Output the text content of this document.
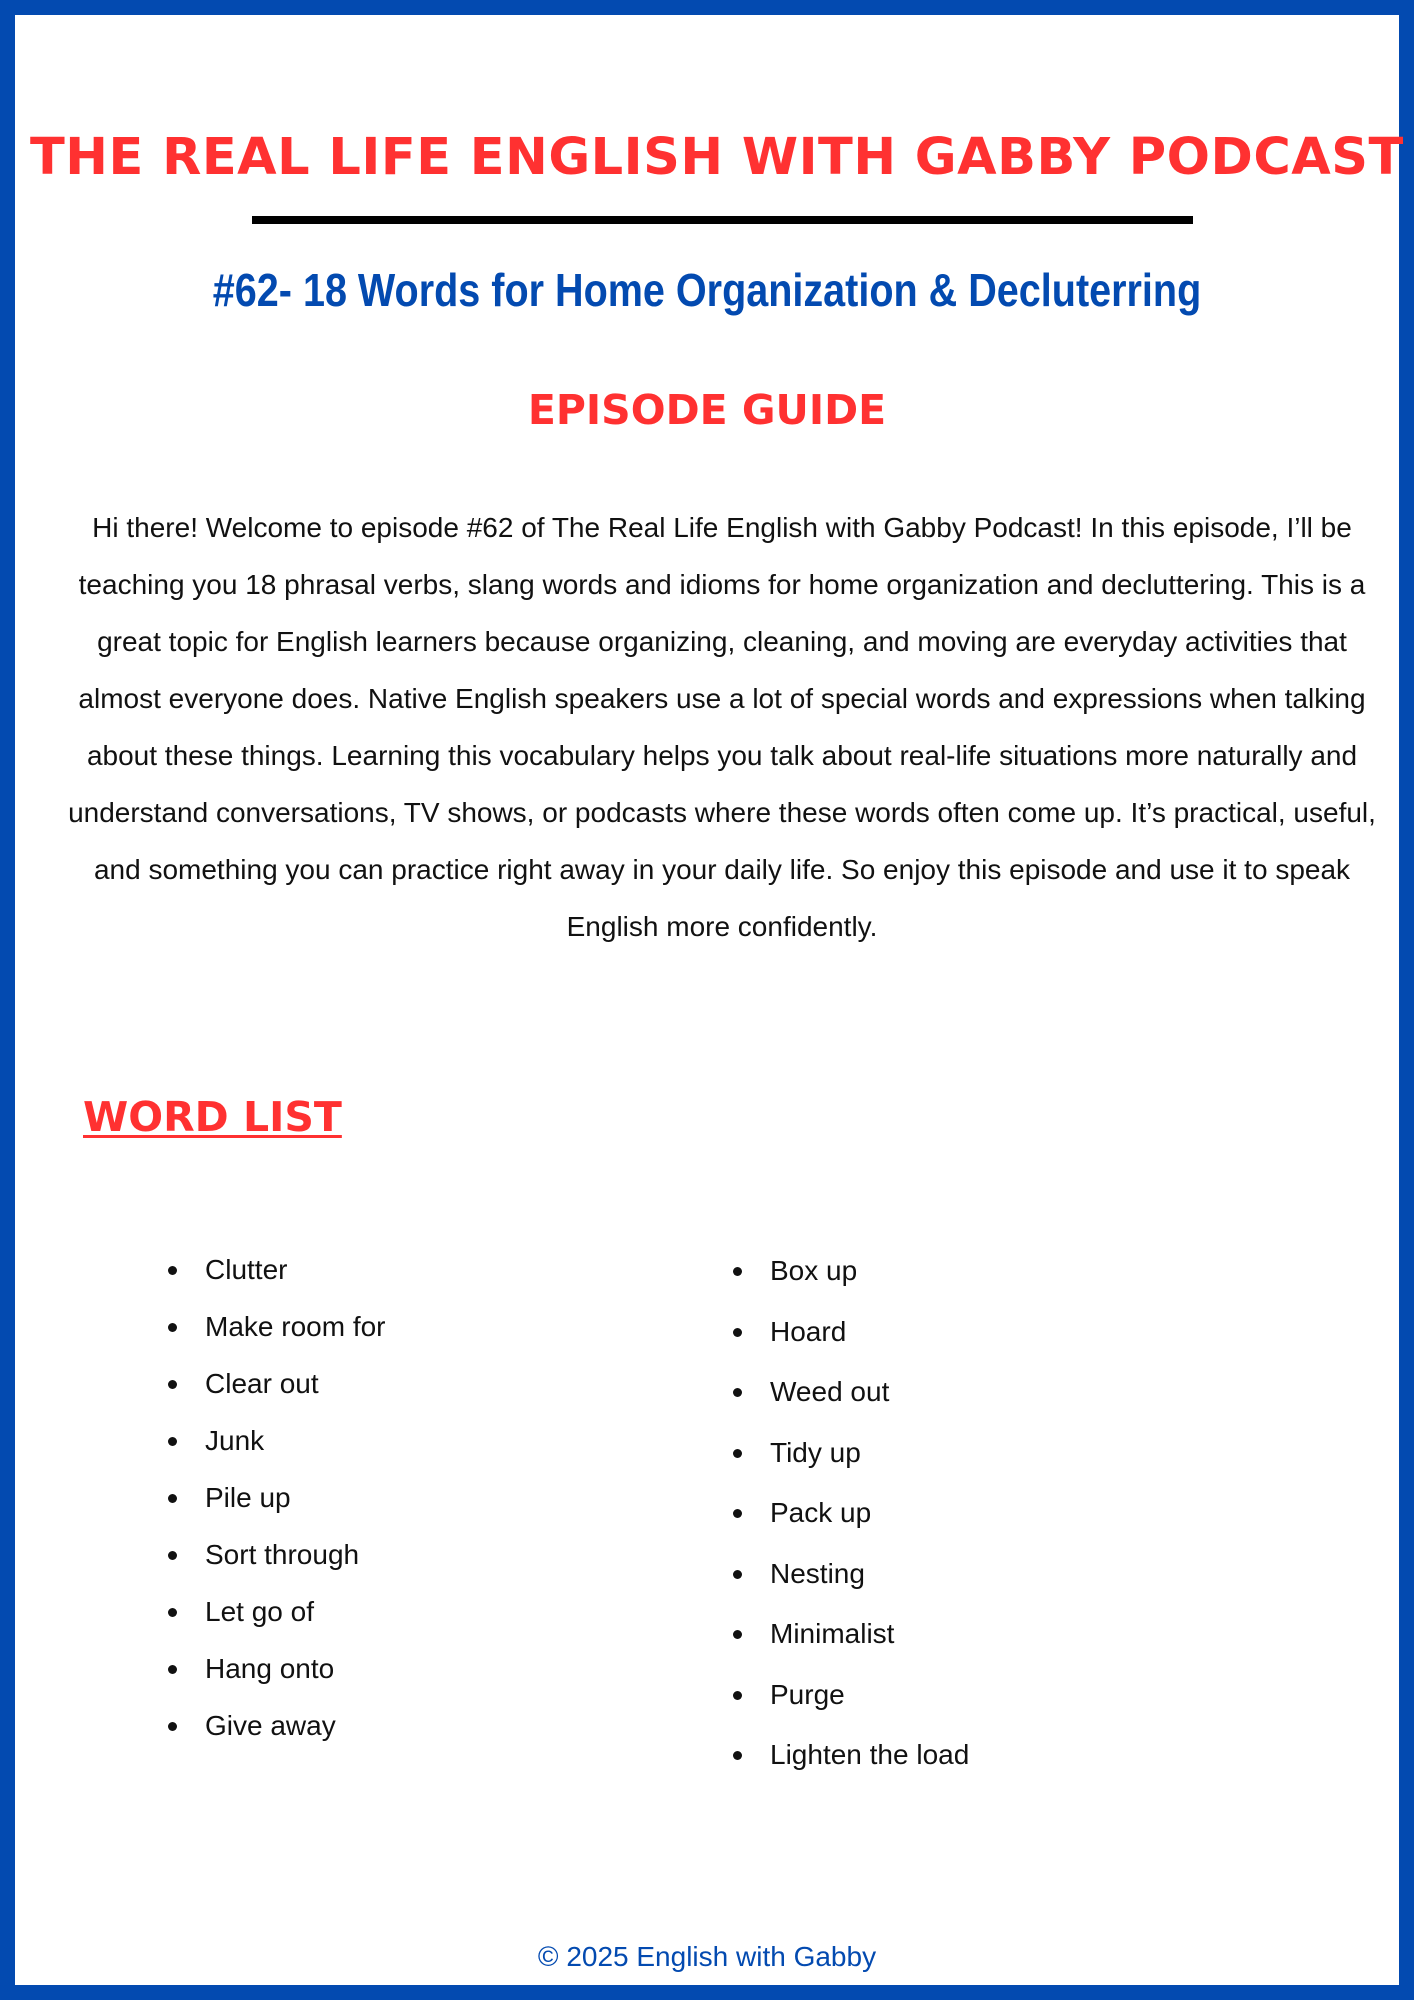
THE REAL LIFE ENGLISH WITH GABBY PODCAST
#62- 18 Words for Home Organization & Decluterring
EPISODE GUIDE

Hi there! Welcome to episode #62 of The Real Life English with Gabby Podcast! In this episode, I’ll be teaching you 18 phrasal verbs, slang words and idioms for home organization and decluttering. This is a great topic for English learners because organizing, cleaning, and moving are everyday activities that almost everyone does. Native English speakers use a lot of special words and expressions when talking about these things. Learning this vocabulary helps you talk about real-life situations more naturally and understand conversations, TV shows, or podcasts where these words often come up. It’s practical, useful, and something you can practice right away in your daily life. So enjoy this episode and use it to speak English more confidently.

WORD LIST
Clutter
Make room for
Clear out
Junk
Pile up
Sort through
Let go of
Hang onto
Give away
Box up
Hoard
Weed out
Tidy up
Pack up
Nesting
Minimalist
Purge
Lighten the load
© 2025 English with Gabby
